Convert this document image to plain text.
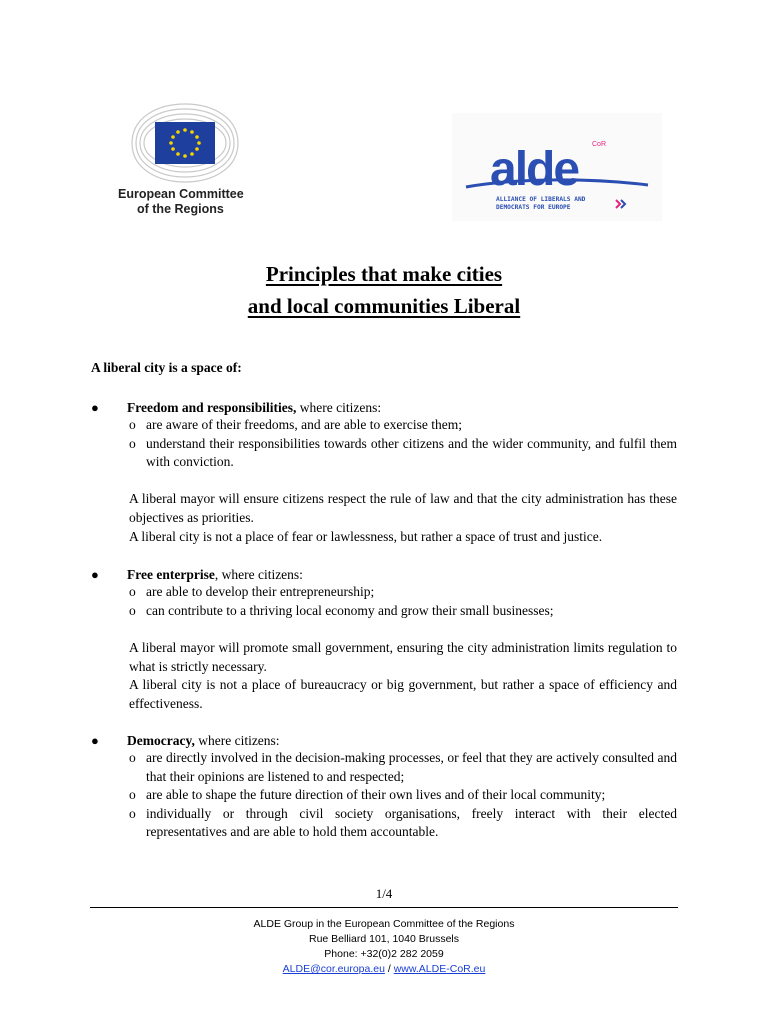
European Committee
of the Regions
alde CoR
ALLIANCE OF LIBERALS AND
DEMOCRATS FOR EUROPE
Principles that make cities
and local communities Liberal
A liberal city is a space of:
● Freedom and responsibilities, where citizens:
o are aware of their freedoms, and are able to exercise them;
o understand their responsibilities towards other citizens and the wider community, and fulfil them with conviction.
A liberal mayor will ensure citizens respect the rule of law and that the city administration has these objectives as priorities.
A liberal city is not a place of fear or lawlessness, but rather a space of trust and justice.
● Free enterprise, where citizens:
o are able to develop their entrepreneurship;
o can contribute to a thriving local economy and grow their small businesses;
A liberal mayor will promote small government, ensuring the city administration limits regulation to what is strictly necessary.
A liberal city is not a place of bureaucracy or big government, but rather a space of efficiency and effectiveness.
● Democracy, where citizens:
o are directly involved in the decision-making processes, or feel that they are actively consulted and that their opinions are listened to and respected;
o are able to shape the future direction of their own lives and of their local community;
o individually or through civil society organisations, freely interact with their elected representatives and are able to hold them accountable.
1/4
ALDE Group in the European Committee of the Regions
Rue Belliard 101, 1040 Brussels
Phone: +32(0)2 282 2059
ALDE@cor.europa.eu / www.ALDE-CoR.eu
